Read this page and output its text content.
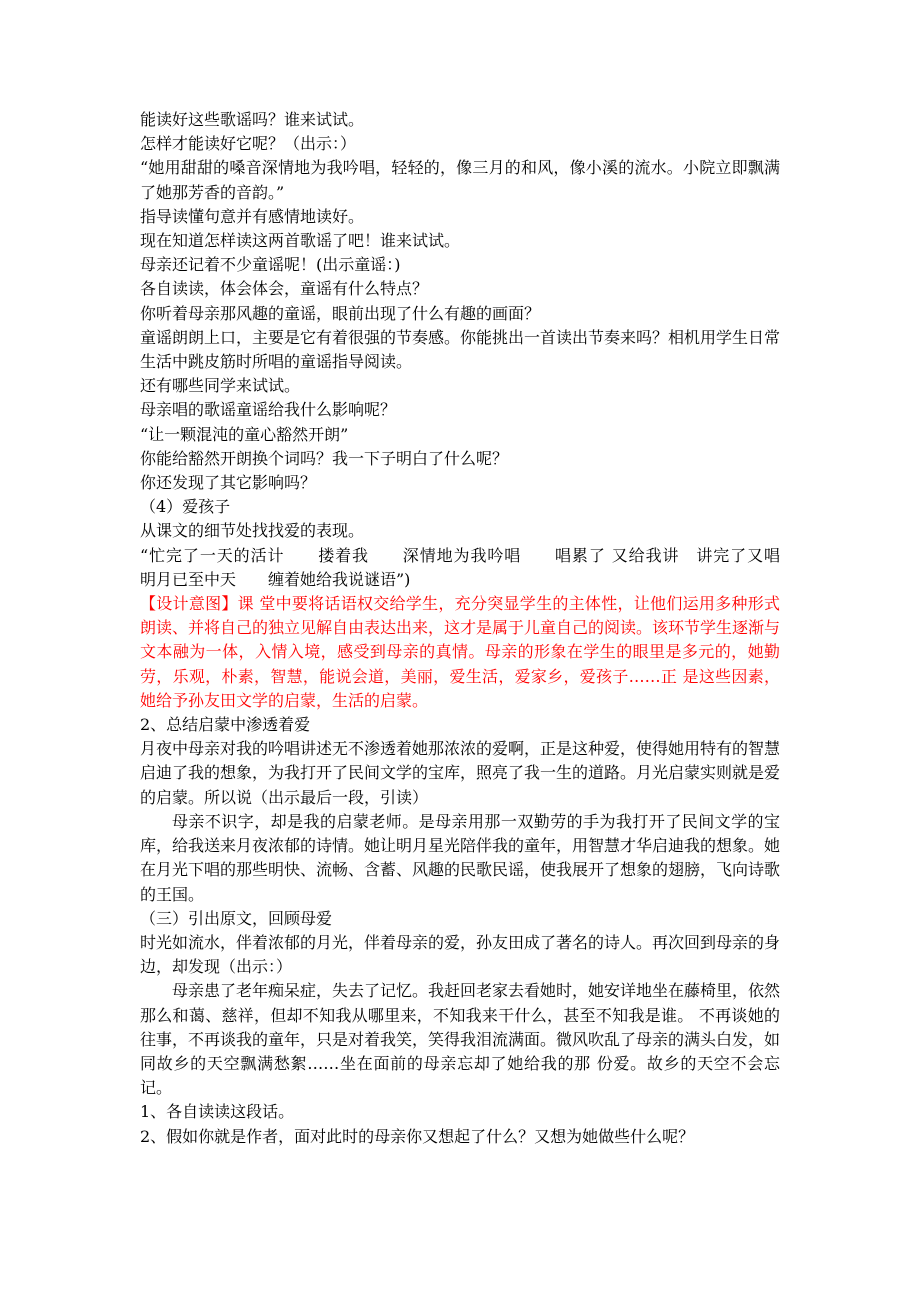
能读好这些歌谣吗？谁来试试。

怎样才能读好它呢？（出示：）

“她用甜甜的嗓音深情地为我吟唱，轻轻的，像三月的和风，像小溪的流水。小院立即飘满了她那芳香的音韵。”

指导读懂句意并有感情地读好。

现在知道怎样读这两首歌谣了吧！谁来试试。

母亲还记着不少童谣呢！(出示童谣：)

各自读读，体会体会，童谣有什么特点？

你听着母亲那风趣的童谣，眼前出现了什么有趣的画面？

童谣朗朗上口，主要是它有着很强的节奏感。你能挑出一首读出节奏来吗？相机用学生日常生活中跳皮筋时所唱的童谣指导阅读。

还有哪些同学来试试。

母亲唱的歌谣童谣给我什么影响呢？

“让一颗混沌的童心豁然开朗”

你能给豁然开朗换个词吗？我一下子明白了什么呢？

你还发现了其它影响吗？

（4）爱孩子

从课文的细节处找找爱的表现。

“忙完了一天的活计　　搂着我　　深情地为我吟唱　　唱累了 又给我讲　讲完了又唱　　明月已至中天　　缠着她给我说谜语”)

【设计意图】课 堂中要将话语权交给学生，充分突显学生的主体性，让他们运用多种形式朗读、并将自己的独立见解自由表达出来，这才是属于儿童自己的阅读。该环节学生逐渐与 文本融为一体，入情入境，感受到母亲的真情。母亲的形象在学生的眼里是多元的，她勤劳，乐观，朴素，智慧，能说会道，美丽，爱生活，爱家乡，爱孩子……正 是这些因素，她给予孙友田文学的启蒙，生活的启蒙。

2、总结启蒙中渗透着爱

月夜中母亲对我的吟唱讲述无不渗透着她那浓浓的爱啊，正是这种爱，使得她用特有的智慧启迪了我的想象，为我打开了民间文学的宝库，照亮了我一生的道路。月光启蒙实则就是爱的启蒙。所以说（出示最后一段，引读）

母亲不识字，却是我的启蒙老师。是母亲用那一双勤劳的手为我打开了民间文学的宝库，给我送来月夜浓郁的诗情。她让明月星光陪伴我的童年，用智慧才华启迪我的想象。她在月光下唱的那些明快、流畅、含蓄、风趣的民歌民谣，使我展开了想象的翅膀，飞向诗歌的王国。

（三）引出原文，回顾母爱

时光如流水，伴着浓郁的月光，伴着母亲的爱，孙友田成了著名的诗人。再次回到母亲的身边，却发现（出示：）

母亲患了老年痴呆症，失去了记忆。我赶回老家去看她时，她安详地坐在藤椅里，依然那么和蔼、慈祥，但却不知我从哪里来，不知我来干什么，甚至不知我是谁。 不再谈她的往事，不再谈我的童年，只是对着我笑，笑得我泪流满面。微风吹乱了母亲的满头白发，如同故乡的天空飘满愁絮……坐在面前的母亲忘却了她给我的那 份爱。故乡的天空不会忘记。

1、各自读读这段话。

2、假如你就是作者，面对此时的母亲你又想起了什么？又想为她做些什么呢？
